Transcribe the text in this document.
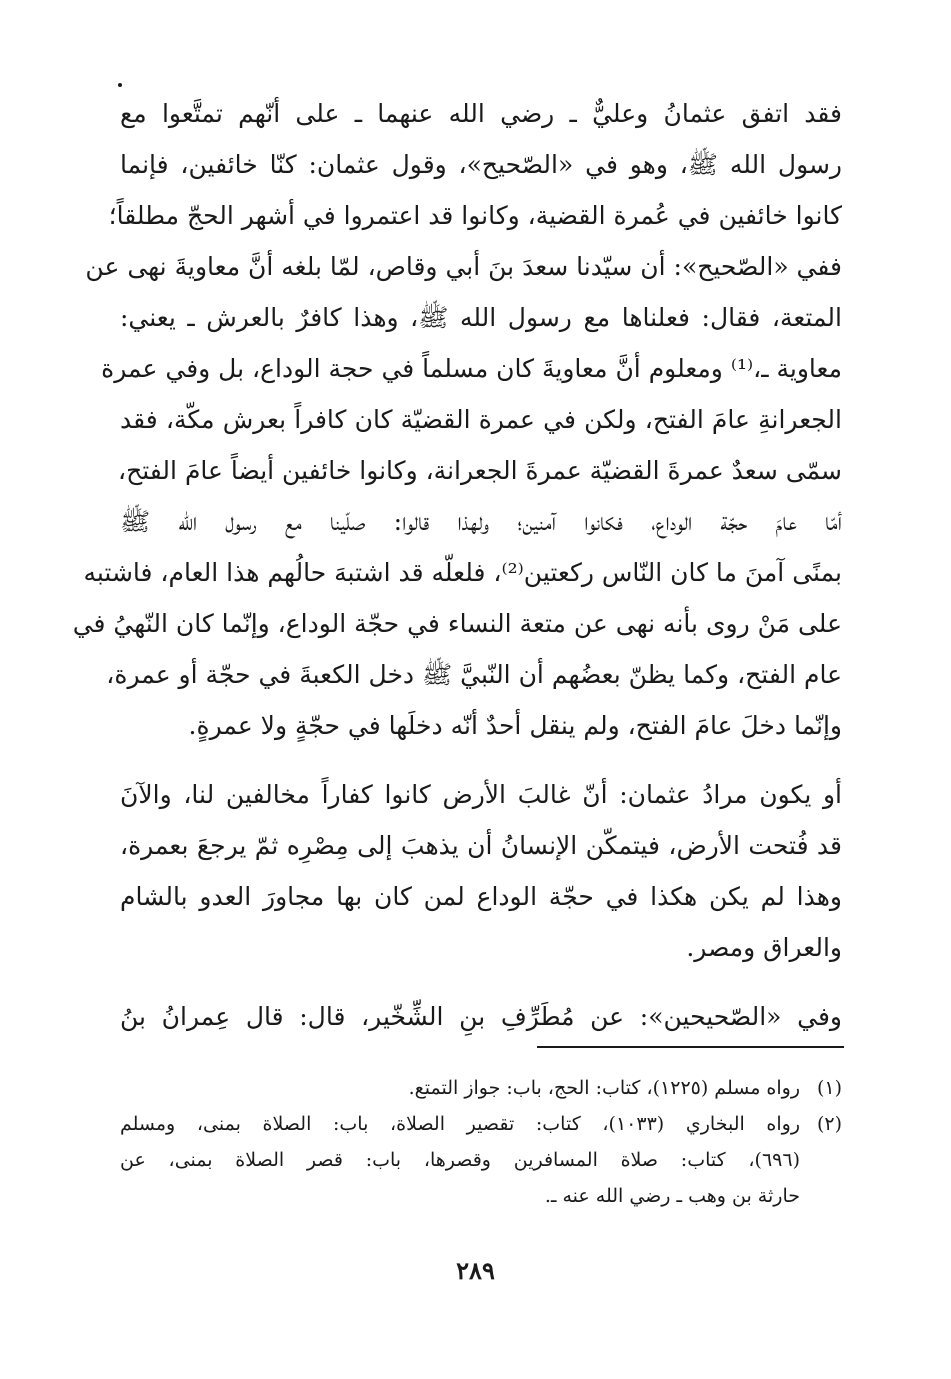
فقد اتفق عثمانُ وعليٌّ ـ رضي الله عنهما ـ على أنّهم تمتَّعوا مع
رسول الله ﷺ، وهو في «الصّحيح»، وقول عثمان: كنّا خائفين، فإنما
كانوا خائفين في عُمرة القضية، وكانوا قد اعتمروا في أشهر الحجّ مطلقاً؛
ففي «الصّحيح»: أن سيّدنا سعدَ بنَ أبي وقاص، لمّا بلغه أنَّ معاويةَ نهى عن
المتعة، فقال: فعلناها مع رسول الله ﷺ، وهذا كافرٌ بالعرش ـ يعني:
معاوية ـ،⁽¹⁾ ومعلوم أنَّ معاويةَ كان مسلماً في حجة الوداع، بل وفي عمرة
الجعرانةِ عامَ الفتح، ولكن في عمرة القضيّة كان كافراً بعرش مكّة، فقد
سمّى سعدٌ عمرةَ القضيّة عمرةَ الجعرانة، وكانوا خائفين أيضاً عامَ الفتح،
أمّا عامَ حجّة الوداع، فكانوا آمنين؛ ولهذا قالوا: صلّينا مع رسول الله ﷺ
بمنًى آمنَ ما كان النّاس ركعتين⁽²⁾، فلعلّه قد اشتبهَ حالُهم هذا العام، فاشتبه
على مَنْ روى بأنه نهى عن متعة النساء في حجّة الوداع، وإنّما كان النّهيُ في
عام الفتح، وكما يظنّ بعضُهم أن النّبيَّ ﷺ دخل الكعبةَ في حجّة أو عمرة،
وإنّما دخلَ عامَ الفتح، ولم ينقل أحدٌ أنّه دخلَها في حجّةٍ ولا عمرةٍ.

أو يكون مرادُ عثمان: أنّ غالبَ الأرض كانوا كفاراً مخالفين لنا، والآنَ
قد فُتحت الأرض، فيتمكّن الإنسانُ أن يذهبَ إلى مِصْرِه ثمّ يرجعَ بعمرة،
وهذا لم يكن هكذا في حجّة الوداع لمن كان بها مجاورَ العدو بالشام
والعراق ومصر.

وفي «الصّحيحين»: عن مُطَرِّفِ بنِ الشِّخّير، قال: قال عِمرانُ بنُ

(١)
رواه مسلم (١٢٢٥)، كتاب: الحج، باب: جواز التمتع.
(٢)
رواه البخاري (١٠٣٣)، كتاب: تقصير الصلاة، باب: الصلاة بمنى، ومسلم
(٦٩٦)، كتاب: صلاة المسافرين وقصرها، باب: قصر الصلاة بمنى، عن
حارثة بن وهب ـ رضي الله عنه ـ.
٢٨٩
